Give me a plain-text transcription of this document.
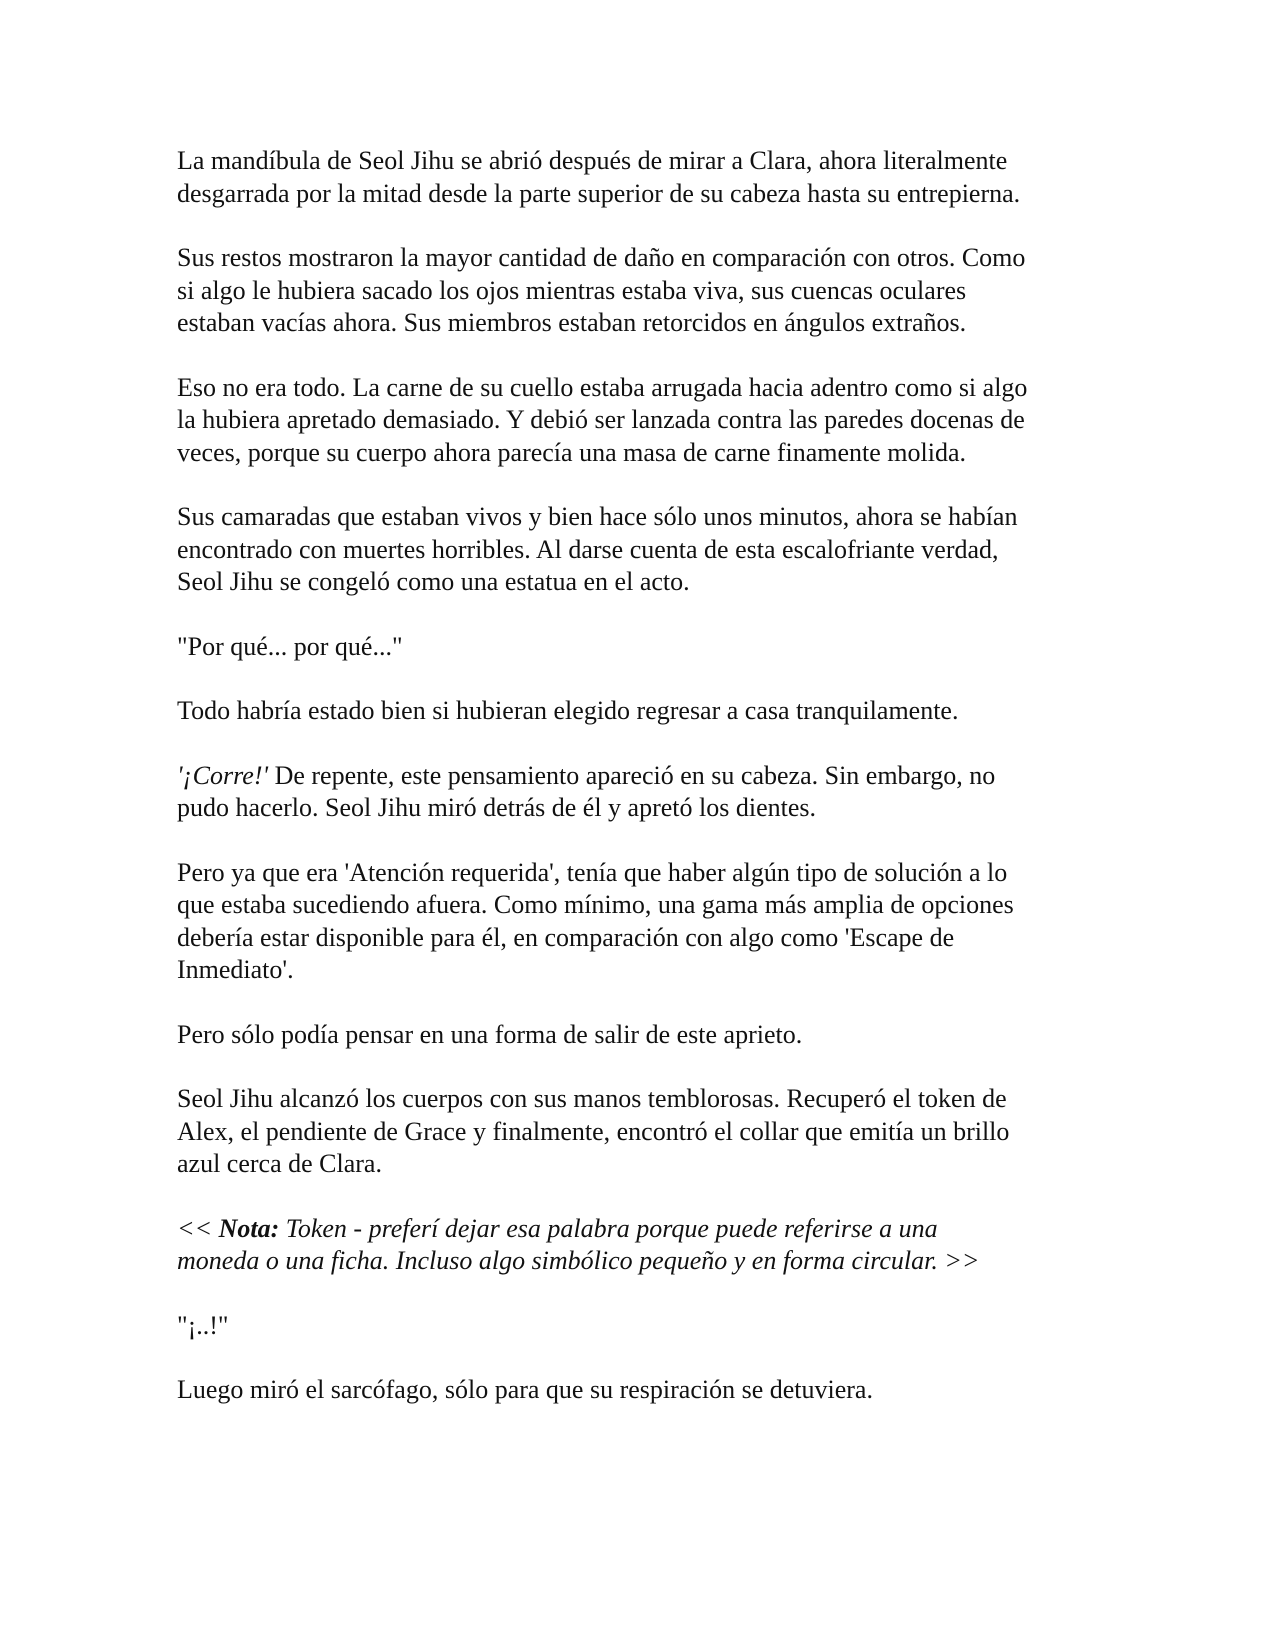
La mandíbula de Seol Jihu se abrió después de mirar a Clara, ahora literalmente
desgarrada por la mitad desde la parte superior de su cabeza hasta su entrepierna.

Sus restos mostraron la mayor cantidad de daño en comparación con otros. Como
si algo le hubiera sacado los ojos mientras estaba viva, sus cuencas oculares
estaban vacías ahora. Sus miembros estaban retorcidos en ángulos extraños.

Eso no era todo. La carne de su cuello estaba arrugada hacia adentro como si algo
la hubiera apretado demasiado. Y debió ser lanzada contra las paredes docenas de
veces, porque su cuerpo ahora parecía una masa de carne finamente molida.

Sus camaradas que estaban vivos y bien hace sólo unos minutos, ahora se habían
encontrado con muertes horribles. Al darse cuenta de esta escalofriante verdad,
Seol Jihu se congeló como una estatua en el acto.

"Por qué... por qué..."

Todo habría estado bien si hubieran elegido regresar a casa tranquilamente.

'¡Corre!' De repente, este pensamiento apareció en su cabeza. Sin embargo, no
pudo hacerlo. Seol Jihu miró detrás de él y apretó los dientes.

Pero ya que era 'Atención requerida', tenía que haber algún tipo de solución a lo
que estaba sucediendo afuera. Como mínimo, una gama más amplia de opciones
debería estar disponible para él, en comparación con algo como 'Escape de
Inmediato'.

Pero sólo podía pensar en una forma de salir de este aprieto.

Seol Jihu alcanzó los cuerpos con sus manos temblorosas. Recuperó el token de
Alex, el pendiente de Grace y finalmente, encontró el collar que emitía un brillo
azul cerca de Clara.

<< Nota: Token - preferí dejar esa palabra porque puede referirse a una
moneda o una ficha. Incluso algo simbólico pequeño y en forma circular. >>

"¡..!"

Luego miró el sarcófago, sólo para que su respiración se detuviera.
